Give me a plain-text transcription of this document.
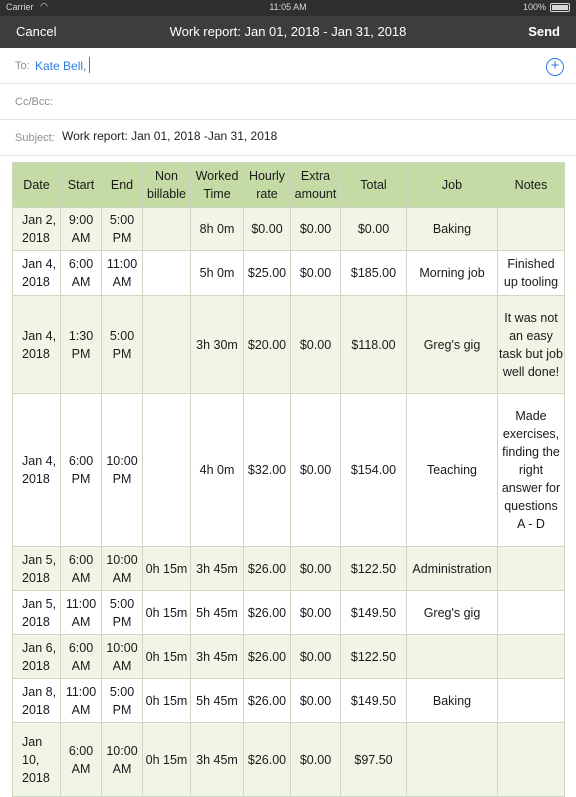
Carrier ◠	11:05 AM	100%
Cancel	Work report: Jan 01, 2018 - Jan 31, 2018	Send
To: Kate Bell,	+
Cc/Bcc:
Subject: Work report: Jan 01, 2018 -Jan 31, 2018
Date	Start	End	Non billable	Worked Time	Hourly rate	Extra amount	Total	Job	Notes
Jan 2, 2018	9:00 AM	5:00 PM		8h 0m	$0.00	$0.00	$0.00	Baking	
Jan 4, 2018	6:00 AM	11:00 AM		5h 0m	$25.00	$0.00	$185.00	Morning job	Finished up tooling
Jan 4, 2018	1:30 PM	5:00 PM		3h 30m	$20.00	$0.00	$118.00	Greg's gig	It was not an easy task but job well done!
Jan 4, 2018	6:00 PM	10:00 PM		4h 0m	$32.00	$0.00	$154.00	Teaching	Made exercises, finding the right answer for questions A - D
Jan 5, 2018	6:00 AM	10:00 AM	0h 15m	3h 45m	$26.00	$0.00	$122.50	Administration	
Jan 5, 2018	11:00 AM	5:00 PM	0h 15m	5h 45m	$26.00	$0.00	$149.50	Greg's gig	
Jan 6, 2018	6:00 AM	10:00 AM	0h 15m	3h 45m	$26.00	$0.00	$122.50		
Jan 8, 2018	11:00 AM	5:00 PM	0h 15m	5h 45m	$26.00	$0.00	$149.50	Baking	
Jan 10, 2018	6:00 AM	10:00 AM	0h 15m	3h 45m	$26.00	$0.00	$97.50		
